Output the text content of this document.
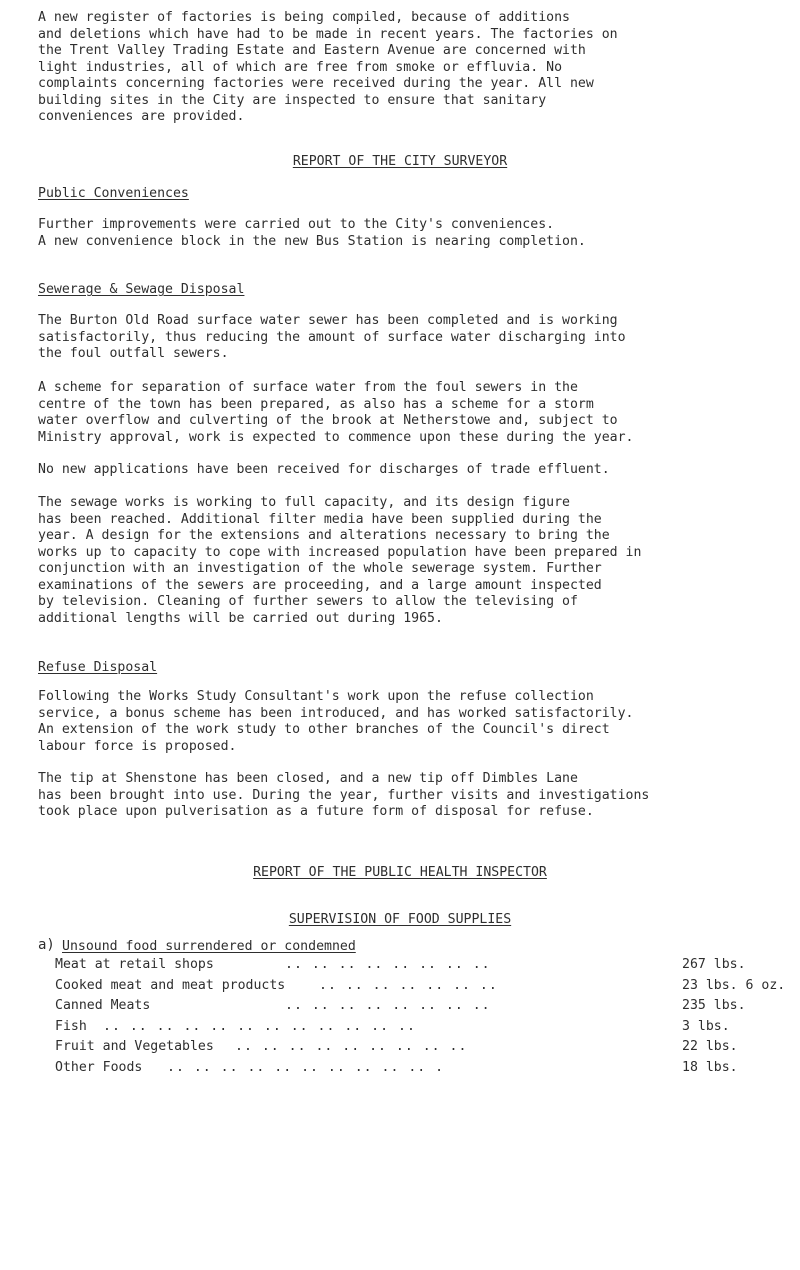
A new register of factories is being compiled, because of additions
and deletions which have had to be made in recent years. The factories on
the Trent Valley Trading Estate and Eastern Avenue are concerned with
light industries, all of which are free from smoke or effluvia. No
complaints concerning factories were received during the year. All new
building sites in the City are inspected to ensure that sanitary
conveniences are provided.

REPORT OF THE CITY SURVEYOR
Public Conveniences

Further improvements were carried out to the City's conveniences.
A new convenience block in the new Bus Station is nearing completion.

Sewerage & Sewage Disposal

The Burton Old Road surface water sewer has been completed and is working
satisfactorily, thus reducing the amount of surface water discharging into
the foul outfall sewers.

A scheme for separation of surface water from the foul sewers in the
centre of the town has been prepared, as also has a scheme for a storm
water overflow and culverting of the brook at Netherstowe and, subject to
Ministry approval, work is expected to commence upon these during the year.

No new applications have been received for discharges of trade effluent.

The sewage works is working to full capacity, and its design figure
has been reached. Additional filter media have been supplied during the
year. A design for the extensions and alterations necessary to bring the
works up to capacity to cope with increased population have been prepared in
conjunction with an investigation of the whole sewerage system. Further
examinations of the sewers are proceeding, and a large amount inspected
by television. Cleaning of further sewers to allow the televising of
additional lengths will be carried out during 1965.

Refuse Disposal

Following the Works Study Consultant's work upon the refuse collection
service, a bonus scheme has been introduced, and has worked satisfactorily.
An extension of the work study to other branches of the Council's direct
labour force is proposed.

The tip at Shenstone has been closed, and a new tip off Dimbles Lane
has been brought into use. During the year, further visits and investigations
took place upon pulverisation as a future form of disposal for refuse.

REPORT OF THE PUBLIC HEALTH INSPECTOR
SUPERVISION OF FOOD SUPPLIES
a) Unsound food surrendered or condemned
Meat at retail shops	.. .. .. .. .. .. .. ..	267 lbs.
Cooked meat and meat products	.. .. .. .. .. .. ..	23 lbs. 6 oz.
Canned Meats	.. .. .. .. .. .. .. ..	235 lbs.
Fish .. .. .. .. .. .. .. .. .. .. .. ..	3 lbs.
Fruit and Vegetables .. .. .. .. .. .. .. .. ..	22 lbs.
Other Foods .. .. .. .. .. .. .. .. .. .. .	18 lbs.
